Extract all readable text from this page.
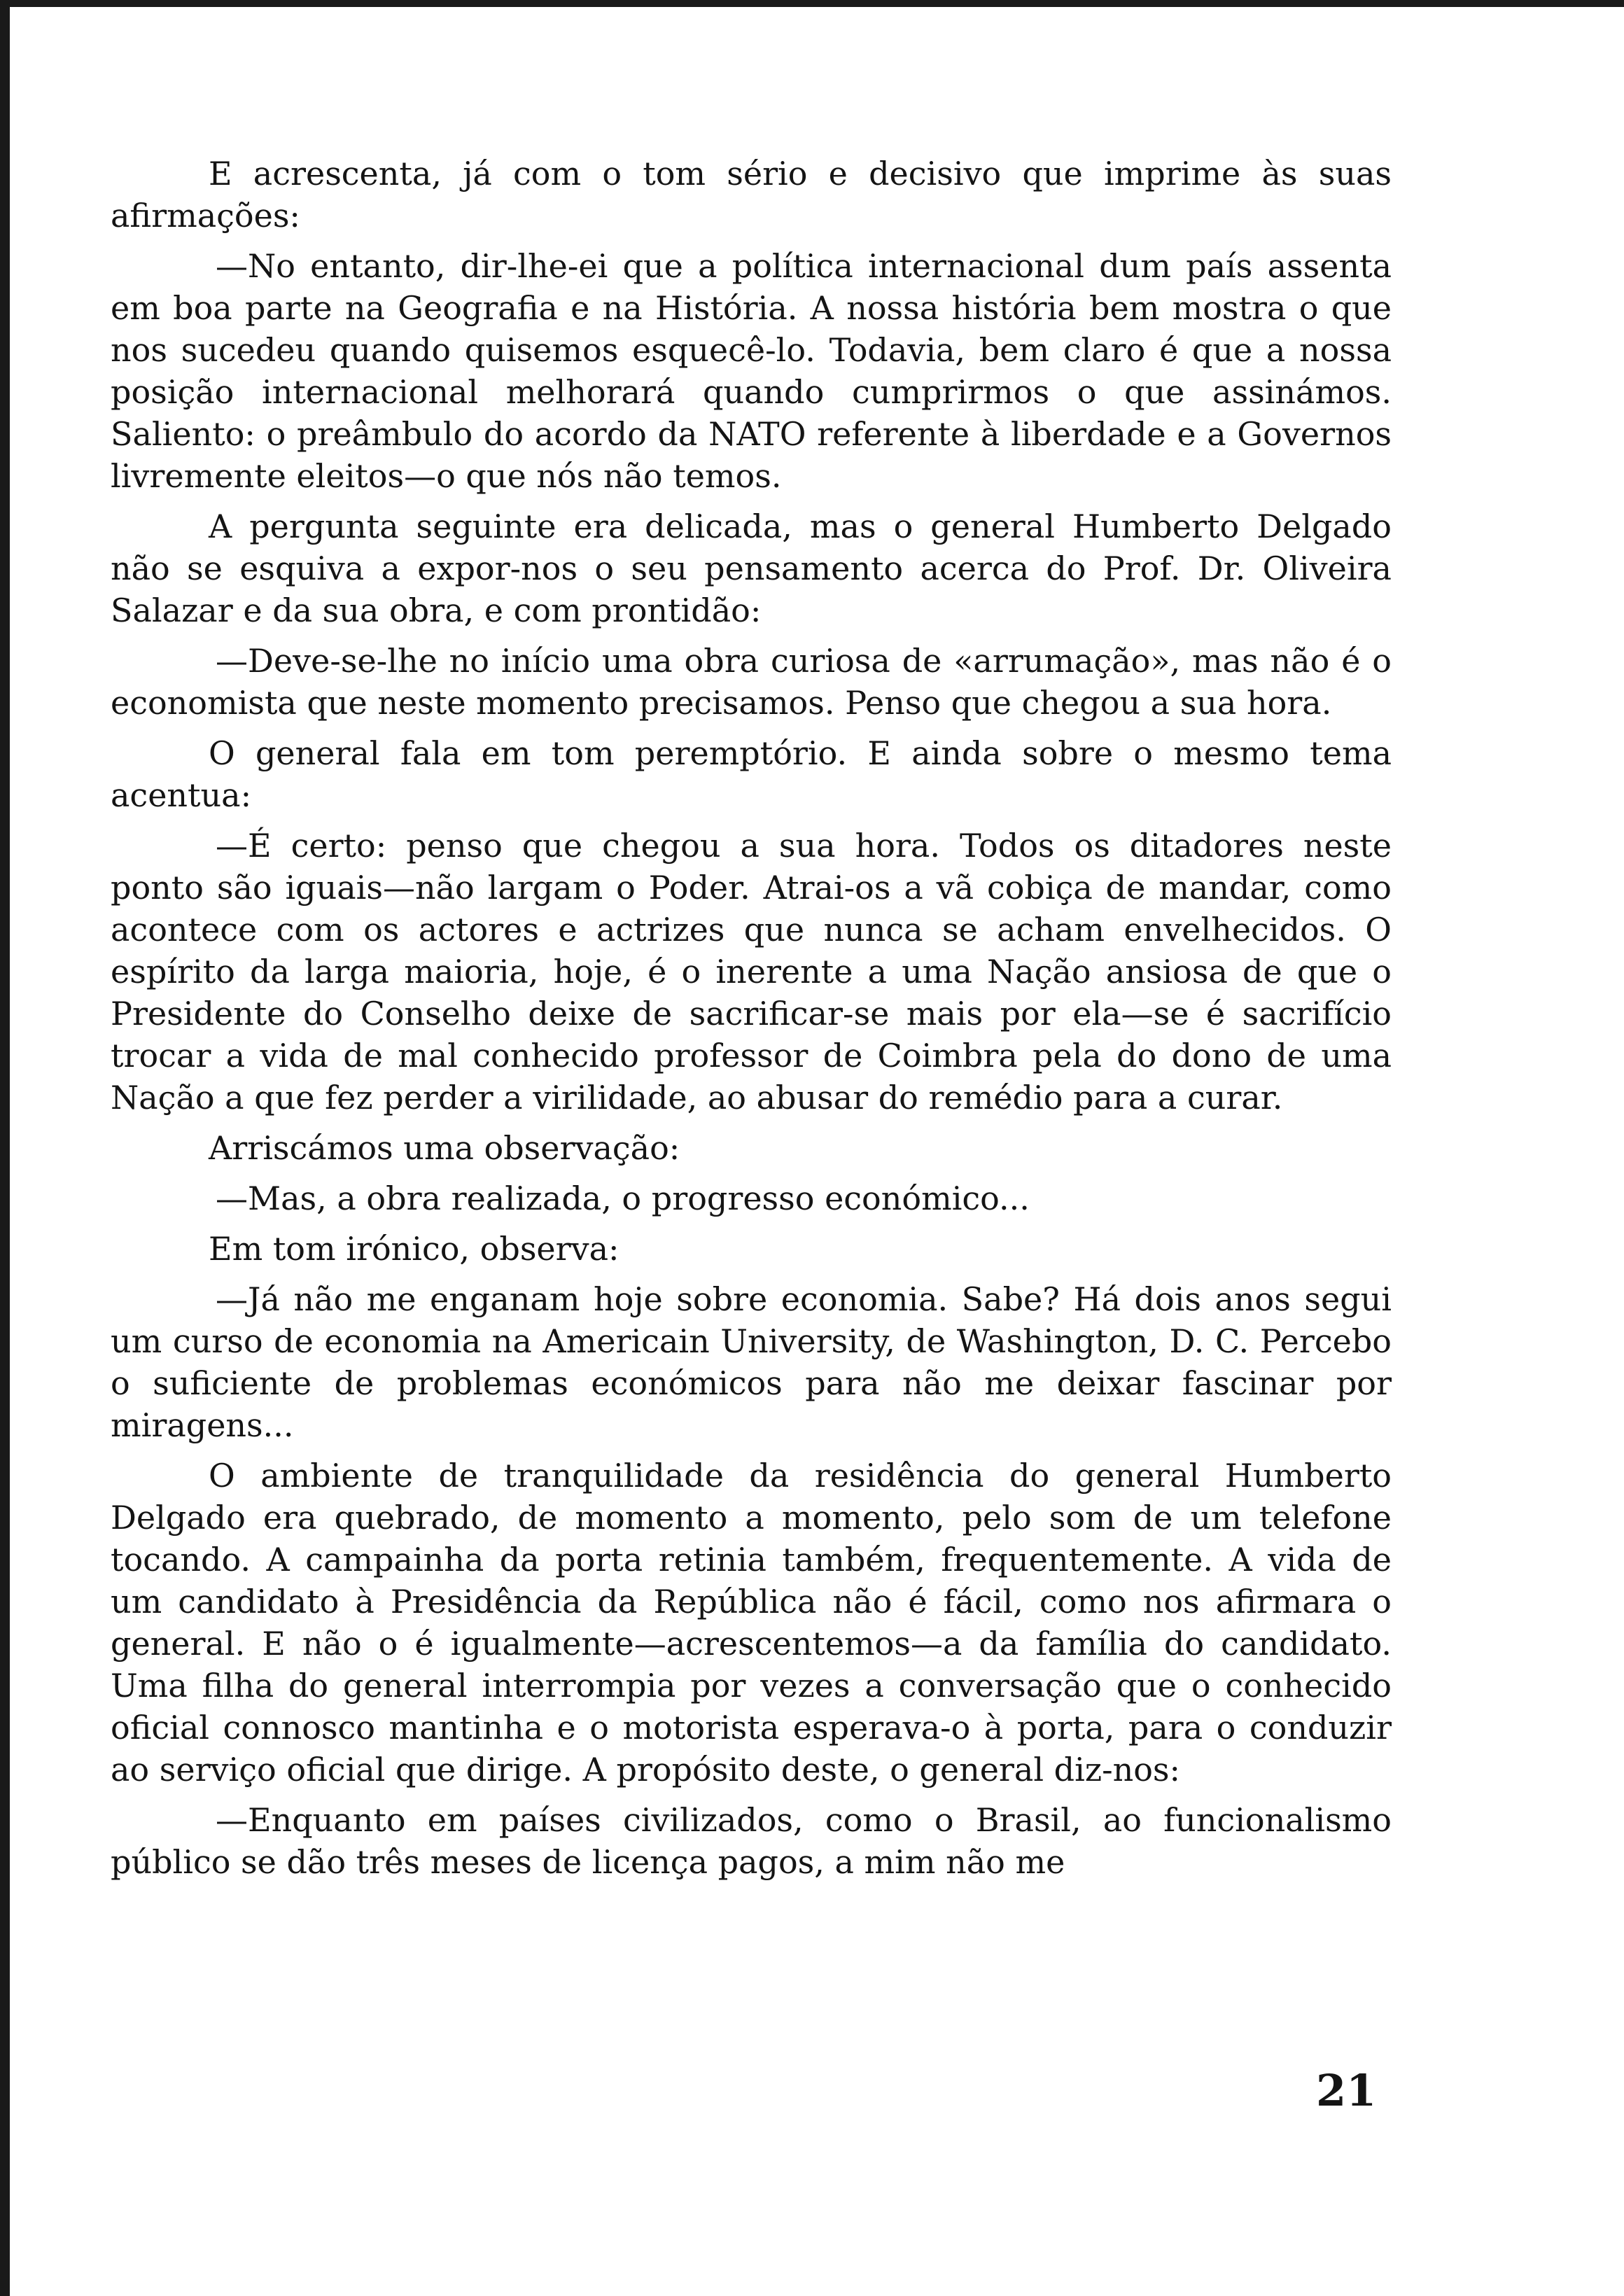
E acrescenta, já com o tom sério e decisivo que imprime às suas afirmações:

—No entanto, dir-lhe-ei que a política internacional dum país assenta em boa parte na Geografia e na História. A nossa história bem mostra o que nos sucedeu quando quisemos esquecê-lo. Todavia, bem claro é que a nossa posição internacional melhorará quando cumprirmos o que assinámos. Saliento: o preâmbulo do acordo da NATO referente à liberdade e a Governos livremente eleitos—o que nós não temos.

A pergunta seguinte era delicada, mas o general Humberto Delgado não se esquiva a expor-nos o seu pensamento acerca do Prof. Dr. Oliveira Salazar e da sua obra, e com prontidão:

—Deve-se-lhe no início uma obra curiosa de «arrumação», mas não é o economista que neste momento precisamos. Penso que chegou a sua hora.

O general fala em tom peremptório. E ainda sobre o mesmo tema acentua:

—É certo: penso que chegou a sua hora. Todos os ditadores neste ponto são iguais—não largam o Poder. Atrai-os a vã cobiça de mandar, como acontece com os actores e actrizes que nunca se acham envelhecidos. O espírito da larga maioria, hoje, é o inerente a uma Nação ansiosa de que o Presidente do Conselho deixe de sacrificar-se mais por ela—se é sacrifício trocar a vida de mal conhecido professor de Coimbra pela do dono de uma Nação a que fez perder a virilidade, ao abusar do remédio para a curar.

Arriscámos uma observação:

—Mas, a obra realizada, o progresso económico...

Em tom irónico, observa:

—Já não me enganam hoje sobre economia. Sabe? Há dois anos segui um curso de economia na Americain University, de Washington, D. C. Percebo o suficiente de problemas económicos para não me deixar fascinar por miragens...

O ambiente de tranquilidade da residência do general Humberto Delgado era quebrado, de momento a momento, pelo som de um telefone tocando. A campainha da porta retinia também, frequentemente. A vida de um candidato à Presidência da República não é fácil, como nos afirmara o general. E não o é igualmente—acrescentemos—a da família do candidato. Uma filha do general interrompia por vezes a conversação que o conhecido oficial connosco mantinha e o motorista esperava-o à porta, para o conduzir ao serviço oficial que dirige. A propósito deste, o general diz-nos:

—Enquanto em países civilizados, como o Brasil, ao funcionalismo público se dão três meses de licença pagos, a mim não me

21
